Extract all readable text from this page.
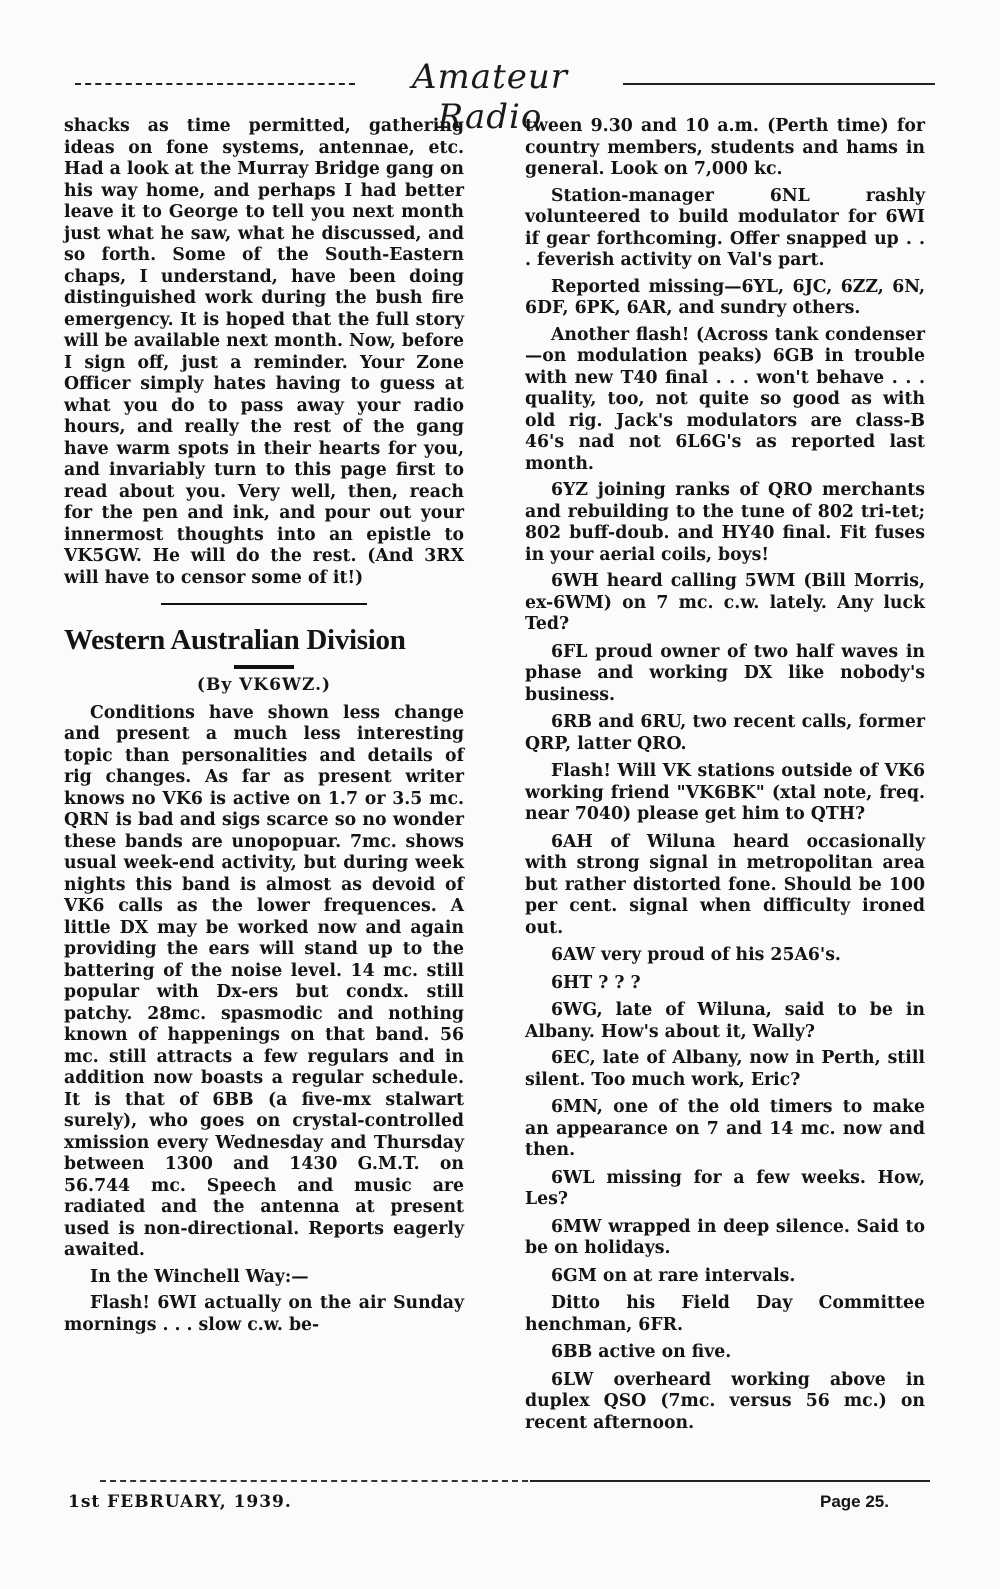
Amateur Radio

shacks as time permitted, gathering ideas on fone systems, antennae, etc. Had a look at the Murray Bridge gang on his way home, and perhaps I had better leave it to George to tell you next month just what he saw, what he discussed, and so forth. Some of the South-Eastern chaps, I understand, have been doing distinguished work during the bush fire emergency. It is hoped that the full story will be available next month. Now, before I sign off, just a reminder. Your Zone Officer simply hates having to guess at what you do to pass away your radio hours, and really the rest of the gang have warm spots in their hearts for you, and invariably turn to this page first to read about you. Very well, then, reach for the pen and ink, and pour out your innermost thoughts into an epistle to VK5GW. He will do the rest. (And 3RX will have to censor some of it!)

Western Australian Division
(By VK6WZ.)

Conditions have shown less change and present a much less interesting topic than personalities and details of rig changes. As far as present writer knows no VK6 is active on 1.7 or 3.5 mc. QRN is bad and sigs scarce so no wonder these bands are unopopuar. 7mc. shows usual week-end activity, but during week nights this band is almost as devoid of VK6 calls as the lower frequences. A little DX may be worked now and again providing the ears will stand up to the battering of the noise level. 14 mc. still popular with Dx-ers but condx. still patchy. 28mc. spasmodic and nothing known of happenings on that band. 56 mc. still attracts a few regulars and in addition now boasts a regular schedule. It is that of 6BB (a five-mx stalwart surely), who goes on crystal-controlled xmission every Wednesday and Thursday between 1300 and 1430 G.M.T. on 56.744 mc. Speech and music are radiated and the antenna at present used is non-directional. Reports eagerly awaited.

In the Winchell Way:—

Flash! 6WI actually on the air Sunday mornings . . . slow c.w. be-

tween 9.30 and 10 a.m. (Perth time) for country members, students and hams in general. Look on 7,000 kc.

Station-manager 6NL rashly volunteered to build modulator for 6WI if gear forthcoming. Offer snapped up . . . feverish activity on Val's part.

Reported missing—6YL, 6JC, 6ZZ, 6N, 6DF, 6PK, 6AR, and sundry others.

Another flash! (Across tank condenser—on modulation peaks) 6GB in trouble with new T40 final . . . won't behave . . . quality, too, not quite so good as with old rig. Jack's modulators are class-B 46's nad not 6L6G's as reported last month.

6YZ joining ranks of QRO merchants and rebuilding to the tune of 802 tri-tet; 802 buff-doub. and HY40 final. Fit fuses in your aerial coils, boys!

6WH heard calling 5WM (Bill Morris, ex-6WM) on 7 mc. c.w. lately. Any luck Ted?

6FL proud owner of two half waves in phase and working DX like nobody's business.

6RB and 6RU, two recent calls, former QRP, latter QRO.

Flash! Will VK stations outside of VK6 working friend "VK6BK" (xtal note, freq. near 7040) please get him to QTH?

6AH of Wiluna heard occasionally with strong signal in metropolitan area but rather distorted fone. Should be 100 per cent. signal when difficulty ironed out.

6AW very proud of his 25A6's.

6HT ? ? ?

6WG, late of Wiluna, said to be in Albany. How's about it, Wally?

6EC, late of Albany, now in Perth, still silent. Too much work, Eric?

6MN, one of the old timers to make an appearance on 7 and 14 mc. now and then.

6WL missing for a few weeks. How, Les?

6MW wrapped in deep silence. Said to be on holidays.

6GM on at rare intervals.

Ditto his Field Day Committee henchman, 6FR.

6BB active on five.

6LW overheard working above in duplex QSO (7mc. versus 56 mc.) on recent afternoon.

1st FEBRUARY, 1939.	Page 25.
